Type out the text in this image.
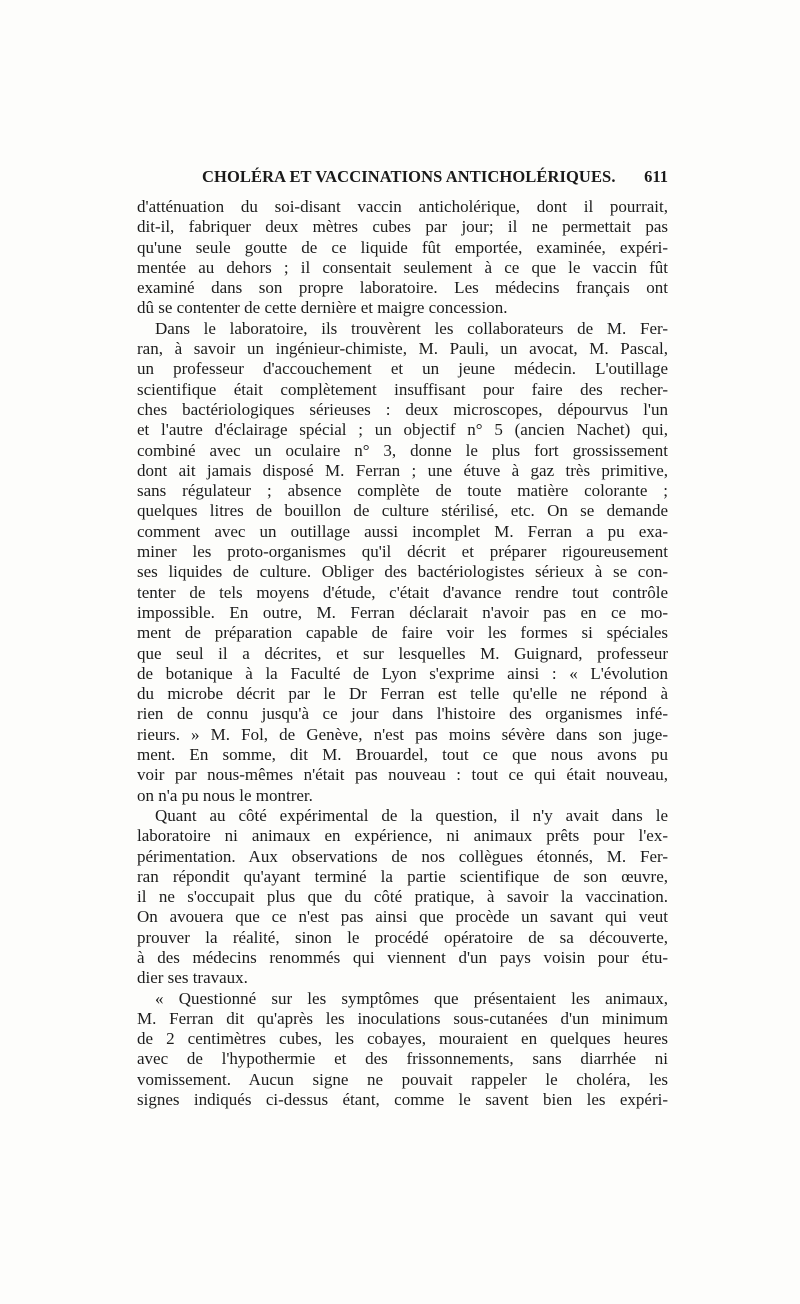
CHOLÉRA ET VACCINATIONS ANTICHOLÉRIQUES. 611
d'atténuation du soi-disant vaccin anticholérique, dont il pourrait,
dit-il, fabriquer deux mètres cubes par jour; il ne permettait pas
qu'une seule goutte de ce liquide fût emportée, examinée, expéri-
mentée au dehors ; il consentait seulement à ce que le vaccin fût
examiné dans son propre laboratoire. Les médecins français ont
dû se contenter de cette dernière et maigre concession.
Dans le laboratoire, ils trouvèrent les collaborateurs de M. Fer-
ran, à savoir un ingénieur-chimiste, M. Pauli, un avocat, M. Pascal,
un professeur d'accouchement et un jeune médecin. L'outillage
scientifique était complètement insuffisant pour faire des recher-
ches bactériologiques sérieuses : deux microscopes, dépourvus l'un
et l'autre d'éclairage spécial ; un objectif n° 5 (ancien Nachet) qui,
combiné avec un oculaire n° 3, donne le plus fort grossissement
dont ait jamais disposé M. Ferran ; une étuve à gaz très primitive,
sans régulateur ; absence complète de toute matière colorante ;
quelques litres de bouillon de culture stérilisé, etc. On se demande
comment avec un outillage aussi incomplet M. Ferran a pu exa-
miner les proto-organismes qu'il décrit et préparer rigoureusement
ses liquides de culture. Obliger des bactériologistes sérieux à se con-
tenter de tels moyens d'étude, c'était d'avance rendre tout contrôle
impossible. En outre, M. Ferran déclarait n'avoir pas en ce mo-
ment de préparation capable de faire voir les formes si spéciales
que seul il a décrites, et sur lesquelles M. Guignard, professeur
de botanique à la Faculté de Lyon s'exprime ainsi : « L'évolution
du microbe décrit par le Dr Ferran est telle qu'elle ne répond à
rien de connu jusqu'à ce jour dans l'histoire des organismes infé-
rieurs. » M. Fol, de Genève, n'est pas moins sévère dans son juge-
ment. En somme, dit M. Brouardel, tout ce que nous avons pu
voir par nous-mêmes n'était pas nouveau : tout ce qui était nouveau,
on n'a pu nous le montrer.
Quant au côté expérimental de la question, il n'y avait dans le
laboratoire ni animaux en expérience, ni animaux prêts pour l'ex-
périmentation. Aux observations de nos collègues étonnés, M. Fer-
ran répondit qu'ayant terminé la partie scientifique de son œuvre,
il ne s'occupait plus que du côté pratique, à savoir la vaccination.
On avouera que ce n'est pas ainsi que procède un savant qui veut
prouver la réalité, sinon le procédé opératoire de sa découverte,
à des médecins renommés qui viennent d'un pays voisin pour étu-
dier ses travaux.
« Questionné sur les symptômes que présentaient les animaux,
M. Ferran dit qu'après les inoculations sous-cutanées d'un minimum
de 2 centimètres cubes, les cobayes, mouraient en quelques heures
avec de l'hypothermie et des frissonnements, sans diarrhée ni
vomissement. Aucun signe ne pouvait rappeler le choléra, les
signes indiqués ci-dessus étant, comme le savent bien les expéri-
